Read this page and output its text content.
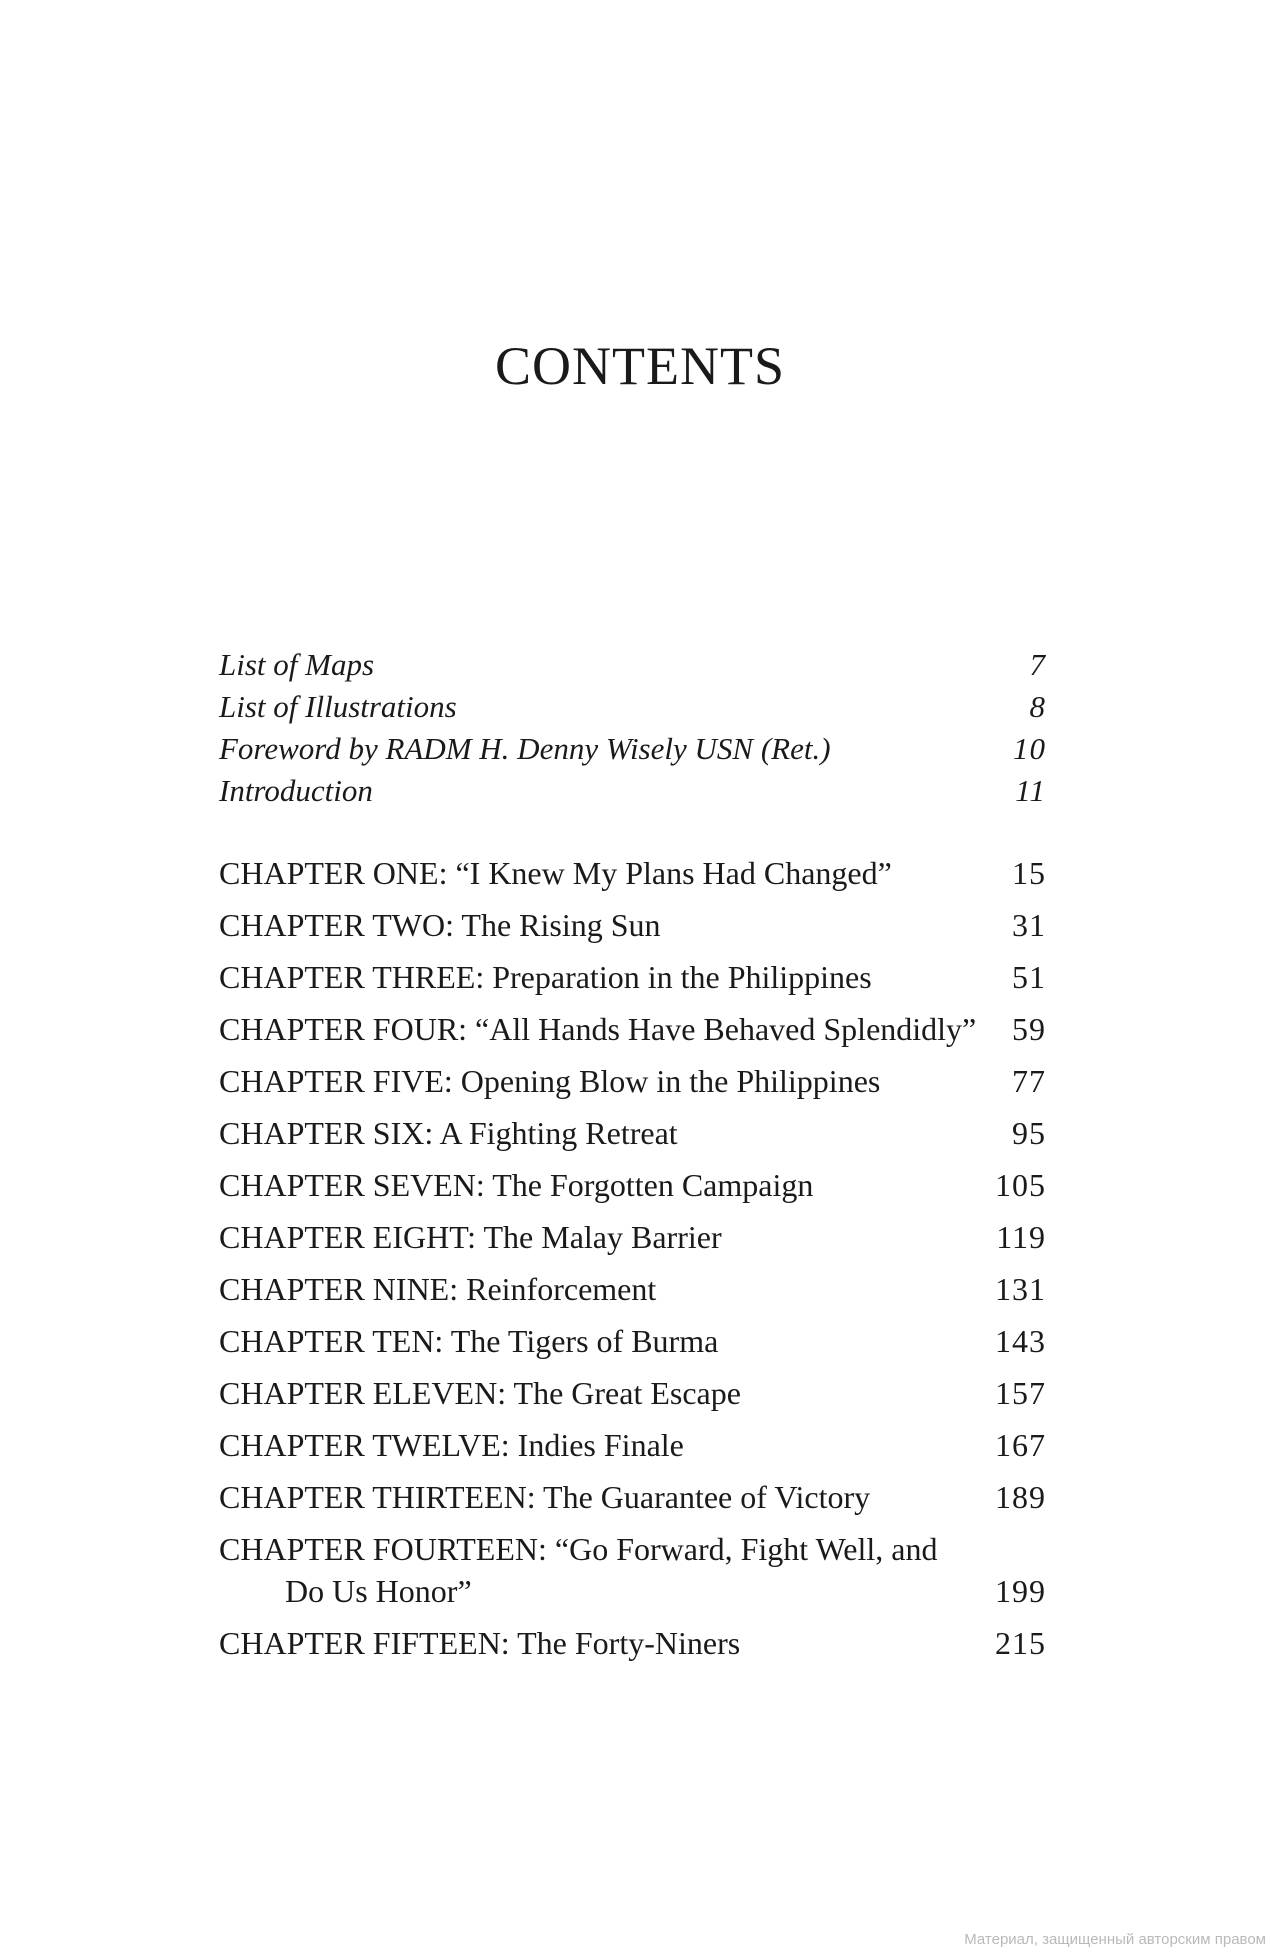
CONTENTS
List of Maps	7
List of Illustrations	8
Foreword by RADM H. Denny Wisely USN (Ret.)	10
Introduction	11
CHAPTER ONE: “I Knew My Plans Had Changed”	15
CHAPTER TWO: The Rising Sun	31
CHAPTER THREE: Preparation in the Philippines	51
CHAPTER FOUR: “All Hands Have Behaved Splendidly”	59
CHAPTER FIVE: Opening Blow in the Philippines	77
CHAPTER SIX: A Fighting Retreat	95
CHAPTER SEVEN: The Forgotten Campaign	105
CHAPTER EIGHT: The Malay Barrier	119
CHAPTER NINE: Reinforcement	131
CHAPTER TEN: The Tigers of Burma	143
CHAPTER ELEVEN: The Great Escape	157
CHAPTER TWELVE: Indies Finale	167
CHAPTER THIRTEEN: The Guarantee of Victory	189
CHAPTER FOURTEEN: “Go Forward, Fight Well, and Do Us Honor”	199
CHAPTER FIFTEEN: The Forty-Niners	215
Материал, защищенный авторским правом
